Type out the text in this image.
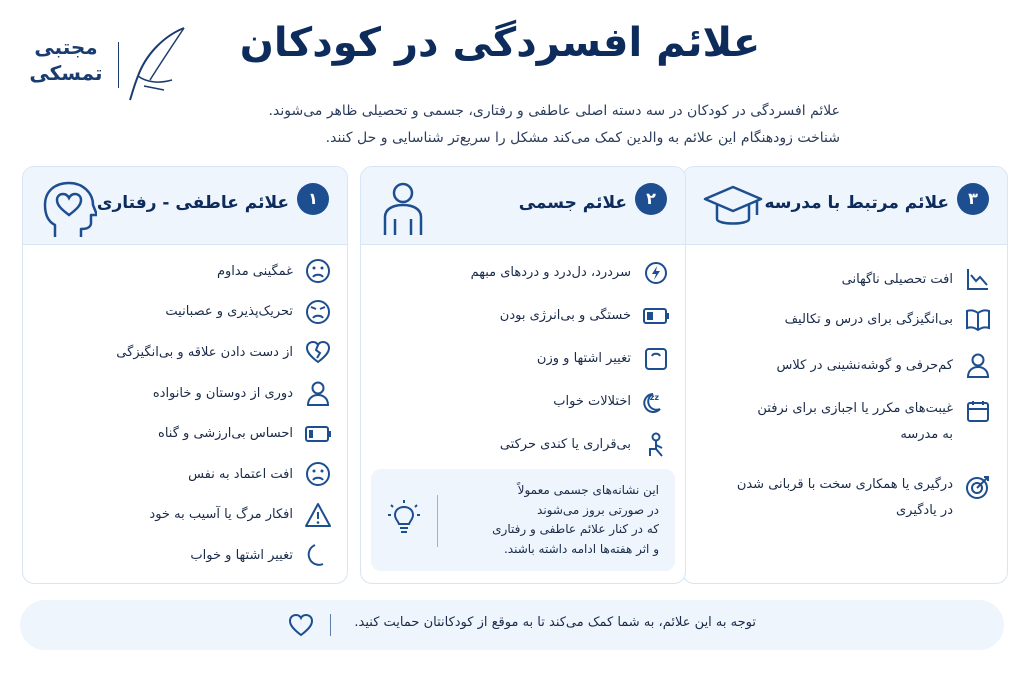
مجتبی
تمسکی
علائم افسردگی در کودکان
علائم افسردگی در کودکان در سه دسته اصلی عاطفی و رفتاری، جسمی و تحصیلی ظاهر می‌شوند.
شناخت زودهنگام این علائم به والدین کمک می‌کند مشکل را سریع‌تر شناسایی و حل کنند.
۳
علائم مرتبط با مدرسه
افت تحصیلی ناگهانی
بی‌انگیزگی برای درس و تکالیف
کم‌حرفی و گوشه‌نشینی در کلاس
غیبت‌های مکرر یا اجبازی برای نرفتن
به مدرسه
درگیری یا همکاری سخت با قربانی شدن
در یادگیری
۲
علائم جسمی
سردرد، دل‌درد و دردهای مبهم
خستگی و بی‌انرژی بودن
تغییر اشتها و وزن
zz
اختلالات خواب
بی‌قراری یا کندی حرکتی
این نشانه‌های جسمی معمولاً
در صورتی بروز می‌شوند
که در کنار علائم عاطفی و رفتاری
و اثر هفته‌ها ادامه داشته باشند.
۱
علائم عاطفی - رفتاری
غمگینی مداوم
تحریک‌پذیری و عصبانیت
از دست دادن علاقه و بی‌انگیزگی
دوری از دوستان و خانواده
احساس بی‌ارزشی و گناه
افت اعتماد به نفس
افکار مرگ یا آسیب به خود
تغییر اشتها و خواب
توجه به این علائم، به شما کمک می‌کند تا به موقع از کودکانتان حمایت کنید.
